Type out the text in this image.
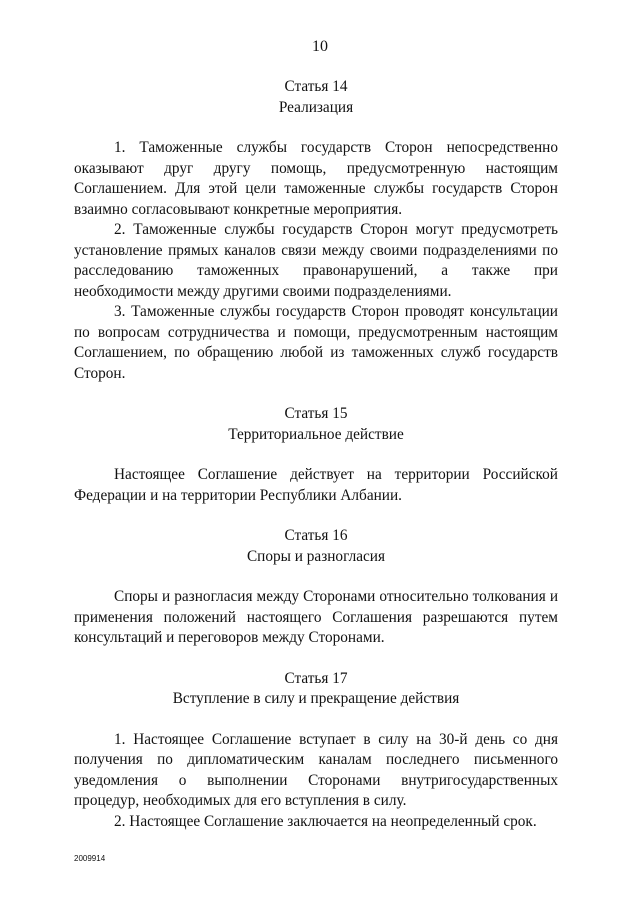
10

Статья 14

Реализация

1. Таможенные службы государств Сторон непосредственно оказывают друг другу помощь, предусмотренную настоящим Соглашением. Для этой цели таможенные службы государств Сторон взаимно согласовывают конкретные мероприятия.

2. Таможенные службы государств Сторон могут предусмотреть установление прямых каналов связи между своими подразделениями по расследованию таможенных правонарушений, а также при необходимости между другими своими подразделениями.

3. Таможенные службы государств Сторон проводят консультации по вопросам сотрудничества и помощи, предусмотренным настоящим Соглашением, по обращению любой из таможенных служб государств Сторон.

Статья 15

Территориальное действие

Настоящее Соглашение действует на территории Российской Федерации и на территории Республики Албании.

Статья 16

Споры и разногласия

Споры и разногласия между Сторонами относительно толкования и применения положений настоящего Соглашения разрешаются путем консультаций и переговоров между Сторонами.

Статья 17

Вступление в силу и прекращение действия

1. Настоящее Соглашение вступает в силу на 30-й день со дня получения по дипломатическим каналам последнего письменного уведомления о выполнении Сторонами внутригосударственных процедур, необходимых для его вступления в силу.

2. Настоящее Соглашение заключается на неопределенный срок.

2009914
